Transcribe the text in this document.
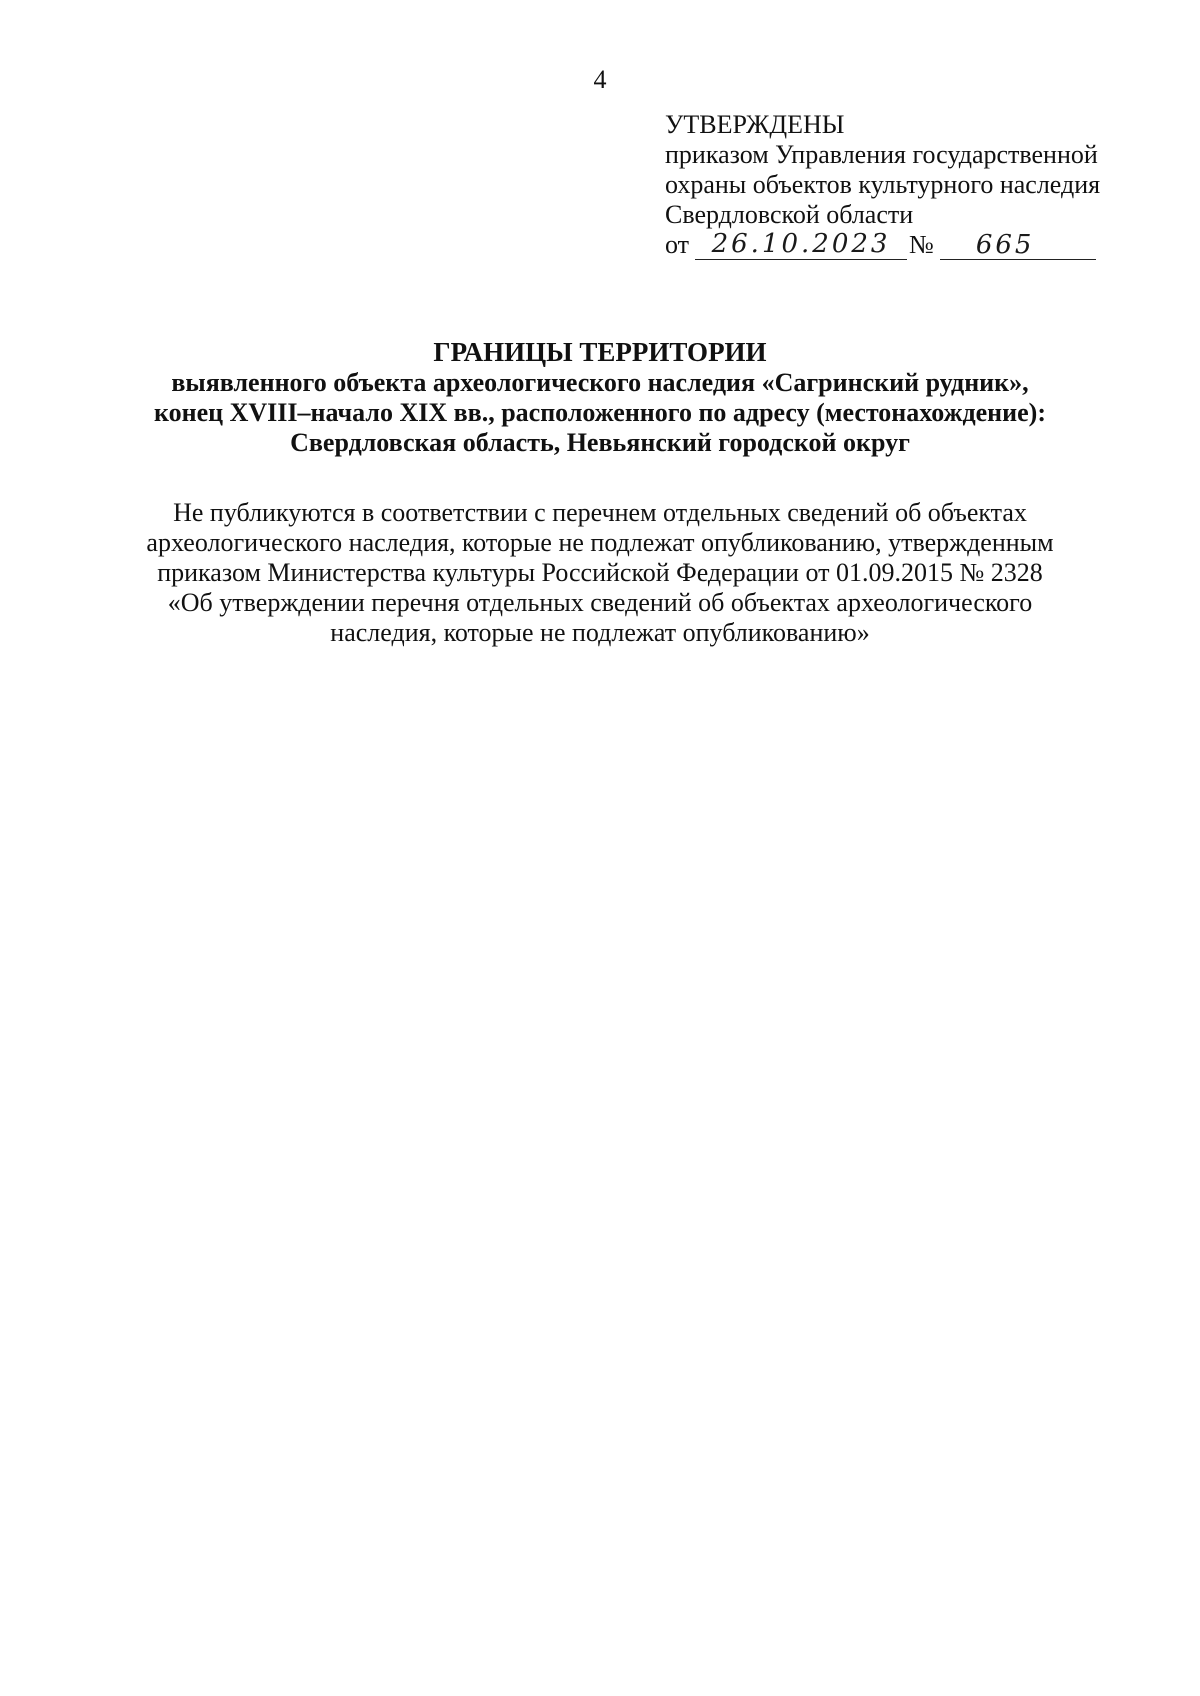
4
УТВЕРЖДЕНЫ
приказом Управления государственной
охраны объектов культурного наследия
Свердловской области
от 26.10.2023 №	665
ГРАНИЦЫ ТЕРРИТОРИИ
выявленного объекта археологического наследия «Сагринский рудник»,
конец XVIII–начало XIX вв., расположенного по адресу (местонахождение):
Свердловская область, Невьянский городской округ
Не публикуются в соответствии с перечнем отдельных сведений об объектах
археологического наследия, которые не подлежат опубликованию, утвержденным
приказом Министерства культуры Российской Федерации от 01.09.2015 № 2328
«Об утверждении перечня отдельных сведений об объектах археологического
наследия, которые не подлежат опубликованию»
